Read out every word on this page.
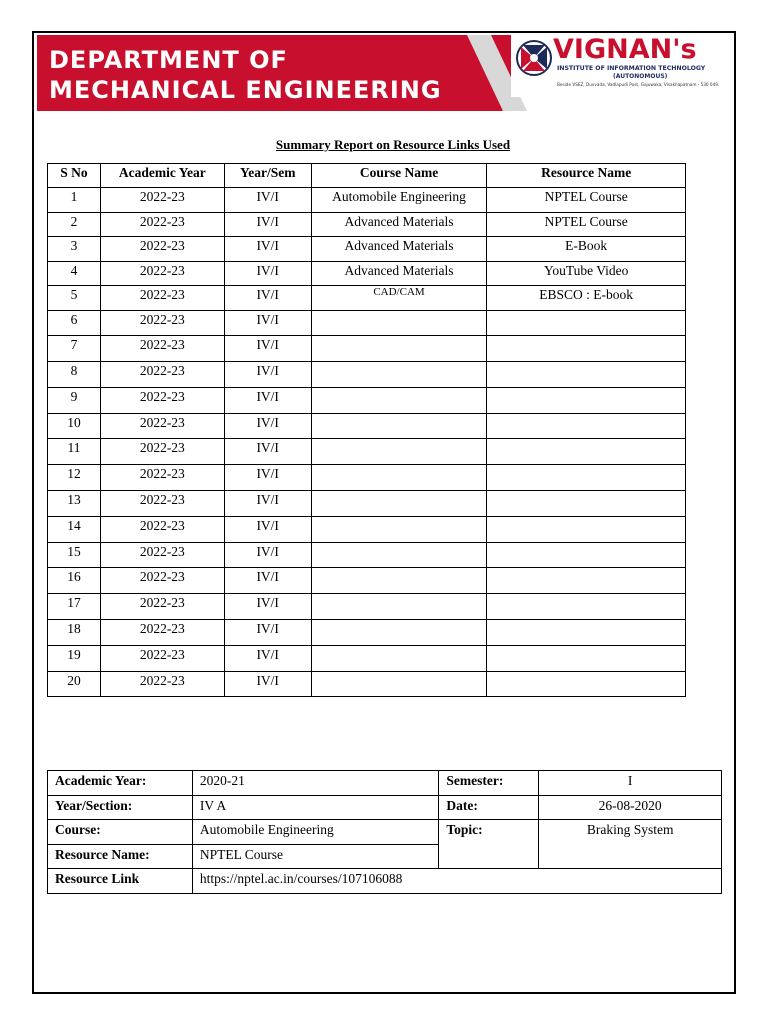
DEPARTMENT OF
MECHANICAL ENGINEERING
VIGNAN's
INSTITUTE OF INFORMATION TECHNOLOGY
(AUTONOMOUS)
Beside VSEZ, Duvvada, Vadlapudi Post, Gajuwaka, Visakhapatnam - 530 049.
Summary Report on Resource Links Used
S No	Academic Year	Year/Sem	Course Name	Resource Name
1	2022-23	IV/I	Automobile Engineering	NPTEL Course
2	2022-23	IV/I	Advanced Materials	NPTEL Course
3	2022-23	IV/I	Advanced Materials	E-Book
4	2022-23	IV/I	Advanced Materials	YouTube Video
5	2022-23	IV/I	CAD/CAM	EBSCO : E-book
6	2022-23	IV/I		
7	2022-23	IV/I		
8	2022-23	IV/I		
9	2022-23	IV/I		
10	2022-23	IV/I		
11	2022-23	IV/I		
12	2022-23	IV/I		
13	2022-23	IV/I		
14	2022-23	IV/I		
15	2022-23	IV/I		
16	2022-23	IV/I		
17	2022-23	IV/I		
18	2022-23	IV/I		
19	2022-23	IV/I		
20	2022-23	IV/I		
Academic Year:	2020-21	Semester:	I
Year/Section:	IV A	Date:	26-08-2020
Course:	Automobile Engineering	Topic:	Braking System
Resource Name:	NPTEL Course		
Resource Link	https://nptel.ac.in/courses/107106088		
